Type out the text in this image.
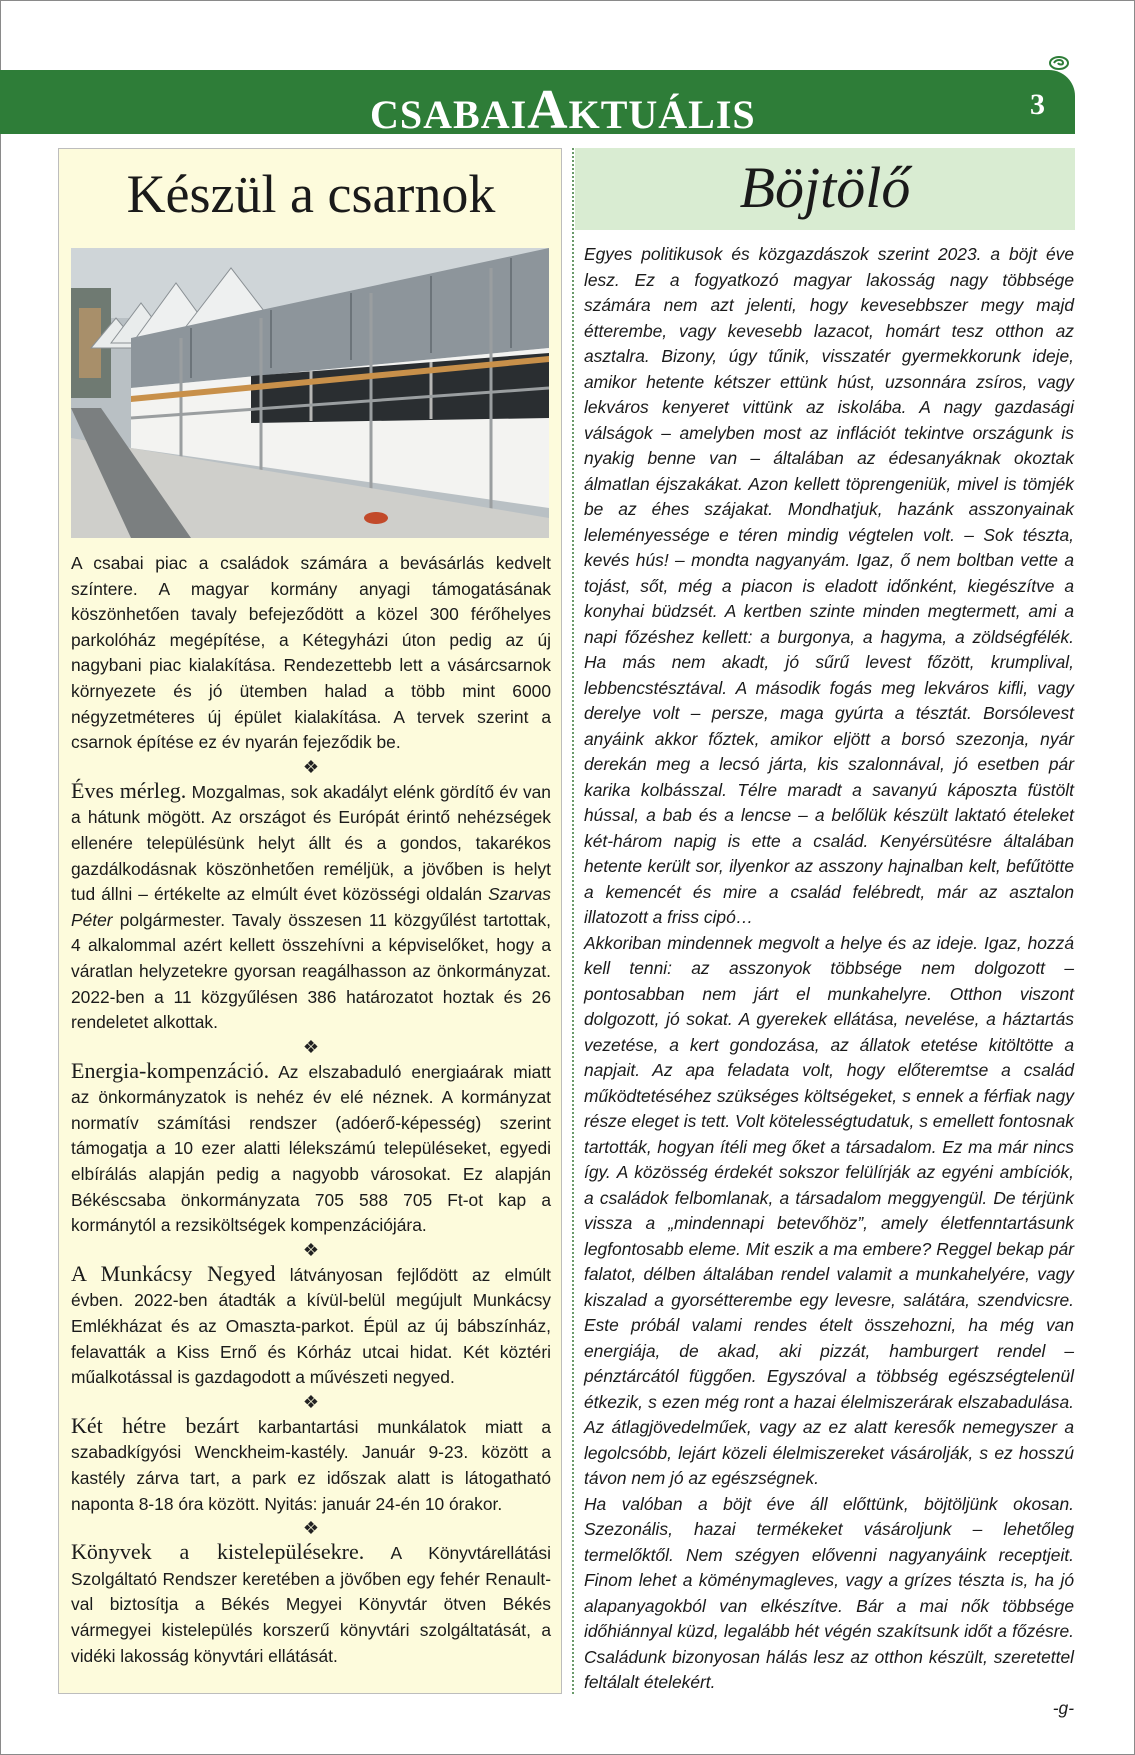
CSABAIAKTUÁLIS	3
Készül a csarnok

A csabai piac a családok számára a bevásárlás kedvelt színtere. A magyar kormány anyagi támogatásának köszönhetően tavaly befejeződött a közel 300 férőhelyes parkolóház megépítése, a Kétegyházi úton pedig az új nagybani piac kialakítása. Rendezettebb lett a vásárcsarnok környezete és jó ütemben halad a több mint 6000 négyzetméteres új épület kialakítása. A tervek szerint a csarnok építése ez év nyarán fejeződik be.

❖

Éves mérleg. Mozgalmas, sok akadályt elénk gördítő év van a hátunk mögött. Az országot és Európát érintő nehézségek ellenére településünk helyt állt és a gondos, takarékos gazdálkodásnak köszönhetően reméljük, a jövőben is helyt tud állni – értékelte az elmúlt évet közösségi oldalán Szarvas Péter polgármester. Tavaly összesen 11 közgyűlést tartottak, 4 alkalommal azért kellett összehívni a képviselőket, hogy a váratlan helyzetekre gyorsan reagálhasson az önkormányzat. 2022-ben a 11 közgyűlésen 386 határozatot hoztak és 26 rendeletet alkottak.

❖

Energia-kompenzáció. Az elszabaduló energiaárak miatt az önkormányzatok is nehéz év elé néznek. A kormányzat normatív számítási rendszer (adóerő-képesség) szerint támogatja a 10 ezer alatti lélekszámú településeket, egyedi elbírálás alapján pedig a nagyobb városokat. Ez alapján Békéscsaba önkormányzata 705 588 705 Ft-ot kap a kormánytól a rezsiköltségek kompenzációjára.

❖

A Munkácsy Negyed látványosan fejlődött az elmúlt évben. 2022-ben átadták a kívül-belül megújult Munkácsy Emlékházat és az Omaszta-parkot. Épül az új bábszínház, felavatták a Kiss Ernő és Kórház utcai hidat. Két köztéri műalkotással is gazdagodott a művészeti negyed.

❖

Két hétre bezárt karbantartási munkálatok miatt a szabadkígyósi Wenckheim-kastély. Január 9-23. között a kastély zárva tart, a park ez időszak alatt is látogatható naponta 8-18 óra között. Nyitás: január 24-én 10 órakor.

❖

Könyvek a kistelepülésekre. A Könyvtárellátási Szolgáltató Rendszer keretében a jövőben egy fehér Renault-val biztosítja a Békés Megyei Könyvtár ötven Békés vármegyei kistelepülés korszerű könyvtári szolgáltatását, a vidéki lakosság könyvtári ellátását.

Böjtölő

Egyes politikusok és közgazdászok szerint 2023. a böjt éve lesz. Ez a fogyatkozó magyar lakosság nagy többsége számára nem azt jelenti, hogy kevesebbszer megy majd étterembe, vagy kevesebb lazacot, homárt tesz otthon az asztalra. Bizony, úgy tűnik, visszatér gyermekkorunk ideje, amikor hetente kétszer ettünk húst, uzsonnára zsíros, vagy lekváros kenyeret vittünk az iskolába. A nagy gazdasági válságok – amelyben most az inflációt tekintve országunk is nyakig benne van – általában az édesanyáknak okoztak álmatlan éjszakákat. Azon kellett töprengeniük, mivel is tömjék be az éhes szájakat. Mondhatjuk, hazánk asszonyainak leleményessége e téren mindig végtelen volt. – Sok tészta, kevés hús! – mondta nagyanyám. Igaz, ő nem boltban vette a tojást, sőt, még a piacon is eladott időnként, kiegészítve a konyhai büdzsét. A kertben szinte minden megtermett, ami a napi főzéshez kellett: a burgonya, a hagyma, a zöldségfélék. Ha más nem akadt, jó sűrű levest főzött, krumplival, lebbencstésztával. A második fogás meg lekváros kifli, vagy derelye volt – persze, maga gyúrta a tésztát. Borsólevest anyáink akkor főztek, amikor eljött a borsó szezonja, nyár derekán meg a lecsó járta, kis szalonnával, jó esetben pár karika kolbásszal. Télre maradt a savanyú káposzta füstölt hússal, a bab és a lencse – a belőlük készült laktató ételeket két-három napig is ette a család. Kenyérsütésre általában hetente került sor, ilyenkor az asszony hajnalban kelt, befűtötte a kemencét és mire a család felébredt, már az asztalon illatozott a friss cipó…

Akkoriban mindennek megvolt a helye és az ideje. Igaz, hozzá kell tenni: az asszonyok többsége nem dolgozott – pontosabban nem járt el munkahelyre. Otthon viszont dolgozott, jó sokat. A gyerekek ellátása, nevelése, a háztartás vezetése, a kert gondozása, az állatok etetése kitöltötte a napjait. Az apa feladata volt, hogy előteremtse a család működtetéséhez szükséges költségeket, s ennek a férfiak nagy része eleget is tett. Volt kötelességtudatuk, s emellett fontosnak tartották, hogyan ítéli meg őket a társadalom. Ez ma már nincs így. A közösség érdekét sokszor felülírják az egyéni ambíciók, a családok felbomlanak, a társadalom meggyengül. De térjünk vissza a „mindennapi betevőhöz”, amely életfenntartásunk legfontosabb eleme. Mit eszik a ma embere? Reggel bekap pár falatot, délben általában rendel valamit a munkahelyére, vagy kiszalad a gyorsétterembe egy levesre, salátára, szendvicsre. Este próbál valami rendes ételt összehozni, ha még van energiája, de akad, aki pizzát, hamburgert rendel – pénztárcától függően. Egyszóval a többség egészségtelenül étkezik, s ezen még ront a hazai élelmiszerárak elszabadulása. Az átlagjövedelműek, vagy az ez alatt keresők nemegyszer a legolcsóbb, lejárt közeli élelmiszereket vásárolják, s ez hosszú távon nem jó az egészségnek.

Ha valóban a böjt éve áll előttünk, böjtöljünk okosan. Szezonális, hazai termékeket vásároljunk – lehetőleg termelőktől. Nem szégyen elővenni nagyanyáink receptjeit. Finom lehet a köménymagleves, vagy a grízes tészta is, ha jó alapanyagokból van elkészítve. Bár a mai nők többsége időhiánnyal küzd, legalább hét végén szakítsunk időt a főzésre. Családunk bizonyosan hálás lesz az otthon készült, szeretettel feltálalt ételekért.

-g-
